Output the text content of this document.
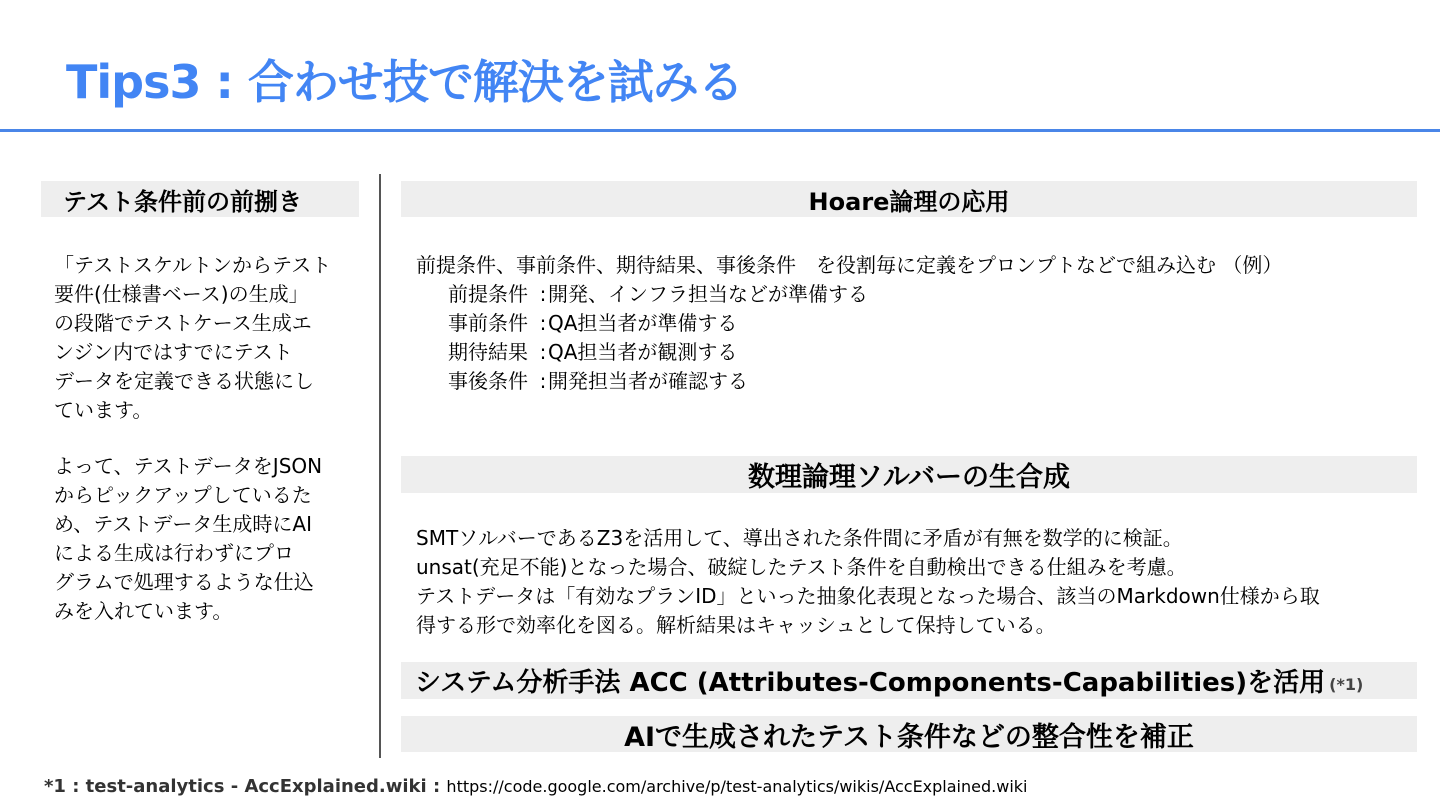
Tips3 : 合わせ技で解決を試みる
テスト条件前の前捌き

「テストスケルトンからテスト
要件(仕様書ベース)の生成」
の段階でテストケース生成エ
ンジン内ではすでにテスト
データを定義できる状態にし
ています。

よって、テストデータをJSON
からピックアップしているた
め、テストデータ生成時にAI
による生成は行わずにプロ
グラムで処理するような仕込
みを入れています。

Hoare論理の応用
前提条件、事前条件、期待結果、事後条件　を役割毎に定義をプロンプトなどで組み込む （例）
前提条件 : 開発、インフラ担当などが準備する
事前条件 : QA担当者が準備する
期待結果 : QA担当者が観測する
事後条件 : 開発担当者が確認する
数理論理ソルバーの生合成
SMTソルバーであるZ3を活用して、導出された条件間に矛盾が有無を数学的に検証。
unsat(充足不能)となった場合、破綻したテスト条件を自動検出できる仕組みを考慮。
テストデータは「有効なプランID」といった抽象化表現となった場合、該当のMarkdown仕様から取
得する形で効率化を図る。解析結果はキャッシュとして保持している。
システム分析手法 ACC (Attributes-Components-Capabilities)を活用 (*1)
AIで生成されたテスト条件などの整合性を補正
*1 : test-analytics - AccExplained.wiki : https://code.google.com/archive/p/test-analytics/wikis/AccExplained.wiki
